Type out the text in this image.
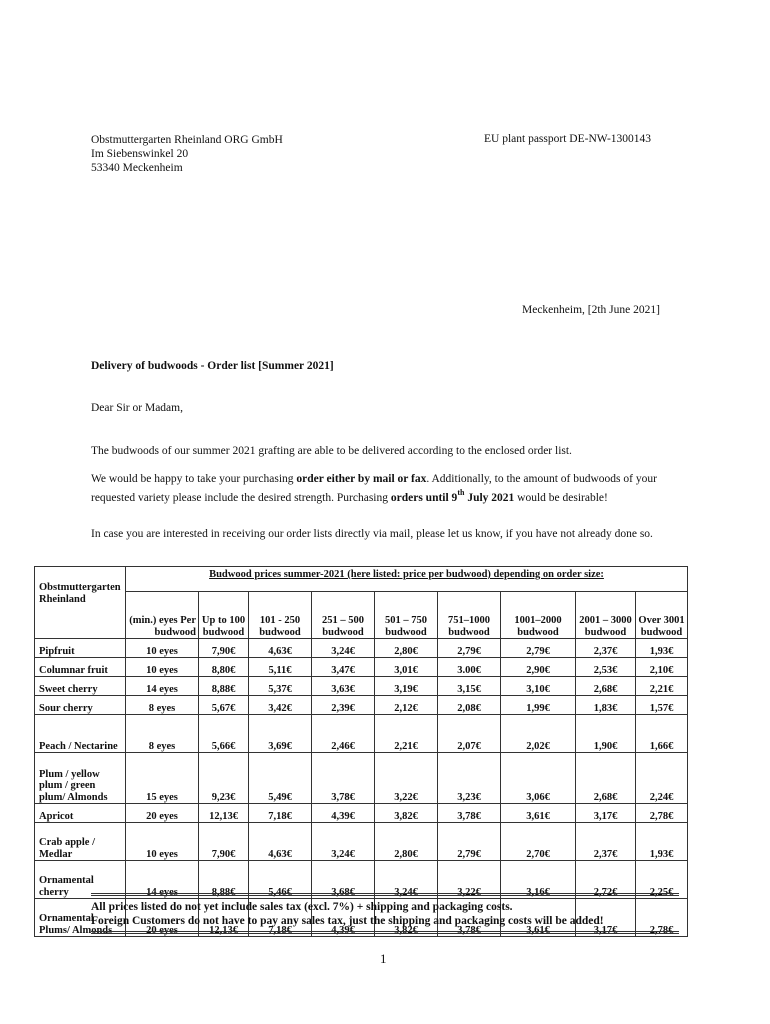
Obstmuttergarten Rheinland ORG GmbH
Im Siebenswinkel 20
53340 Meckenheim
EU plant passport DE-NW-1300143
Meckenheim, [2th June 2021]
Delivery of budwoods - Order list [Summer 2021]
Dear Sir or Madam,
The budwoods of our summer 2021 grafting are able to be delivered according to the enclosed order list.
We would be happy to take your purchasing order either by mail or fax. Additionally, to the amount of budwoods of your requested variety please include the desired strength. Purchasing orders until 9th July 2021 would be desirable!
In case you are interested in receiving our order lists directly via mail, please let us know, if you have not already done so.
Obstmuttergarten Rheinland	Budwood prices summer-2021 (here listed: price per budwood) depending on order size:								
	(min.) eyes Per budwood	Up to 100 budwood	101 - 250 budwood	251 – 500 budwood	501 – 750 budwood	751–1000 budwood	1001–2000 budwood	2001 – 3000 budwood	Over 3001 budwood
Pipfruit	10 eyes	7,90€	4,63€	3,24€	2,80€	2,79€	2,79€	2,37€	1,93€
Columnar fruit	10 eyes	8,80€	5,11€	3,47€	3,01€	3.00€	2,90€	2,53€	2,10€
Sweet cherry	14 eyes	8,88€	5,37€	3,63€	3,19€	3,15€	3,10€	2,68€	2,21€
Sour cherry	8 eyes	5,67€	3,42€	2,39€	2,12€	2,08€	1,99€	1,83€	1,57€
Peach / Nectarine	8 eyes	5,66€	3,69€	2,46€	2,21€	2,07€	2,02€	1,90€	1,66€
Plum / yellow plum / green plum/ Almonds	15 eyes	9,23€	5,49€	3,78€	3,22€	3,23€	3,06€	2,68€	2,24€
Apricot	20 eyes	12,13€	7,18€	4,39€	3,82€	3,78€	3,61€	3,17€	2,78€
Crab apple / Medlar	10 eyes	7,90€	4,63€	3,24€	2,80€	2,79€	2,70€	2,37€	1,93€
Ornamental cherry	14 eyes	8,88€	5,46€	3,68€	3,24€	3,22€	3,16€	2,72€	2,25€
Ornamental Plums/ Almonds	20 eyes	12,13€	7,18€	4,39€	3,82€	3,78€	3,61€	3,17€	2,78€
All prices listed do not yet include sales tax (excl. 7%) + shipping and packaging costs.
Foreign Customers do not have to pay any sales tax, just the shipping and packaging costs will be added!
1
